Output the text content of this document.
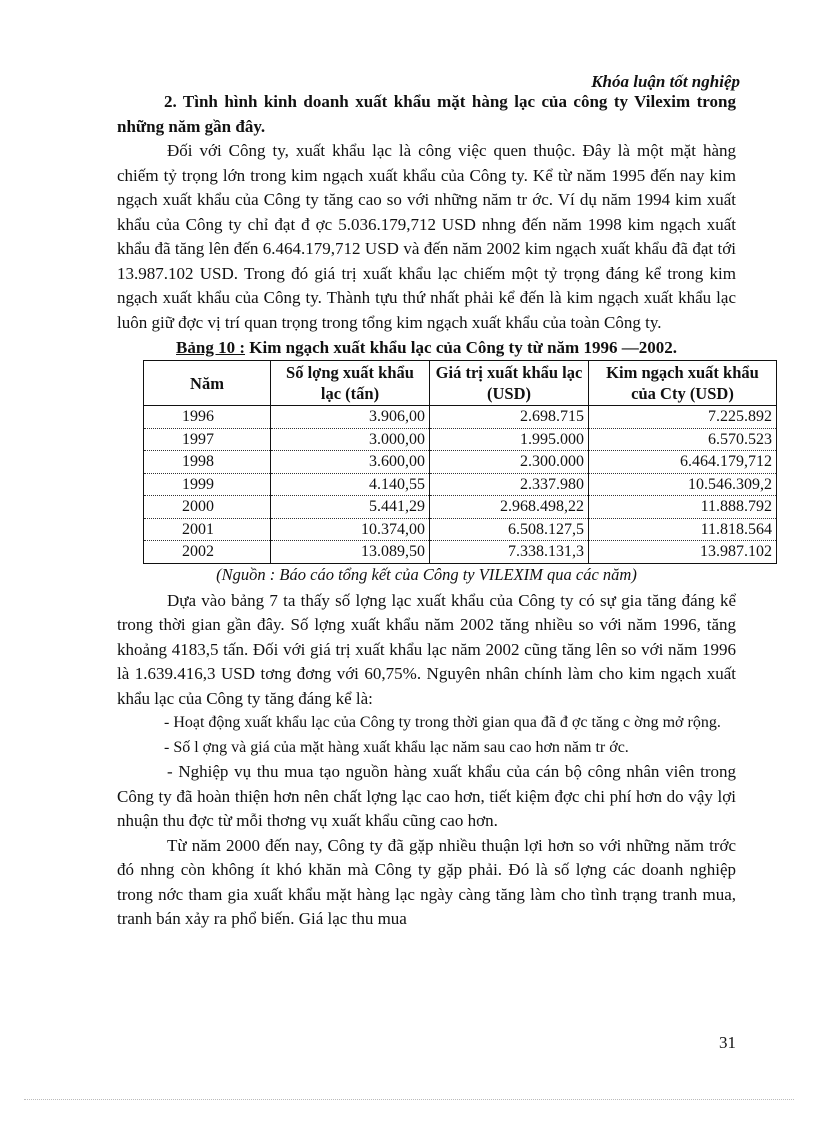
Khóa luận tốt nghiệp

2. Tình hình kinh doanh xuất khẩu mặt hàng lạc của công ty Vilexim trong những năm gần đây.

Đối với Công ty, xuất khẩu lạc là công việc quen thuộc. Đây là một mặt hàng chiếm tỷ trọng lớn trong kim ngạch xuất khẩu của Công ty. Kể từ năm 1995 đến nay kim ngạch xuất khẩu của Công ty tăng cao so với những năm tr ớc. Ví dụ năm 1994 kim xuất khẩu của Công ty chỉ đạt đ ợc 5.036.179,712 USD nhng đến năm 1998 kim ngạch xuất khẩu đã tăng lên đến 6.464.179,712 USD và đến năm 2002 kim ngạch xuất khẩu đã đạt tới 13.987.102 USD. Trong đó giá trị xuất khẩu lạc chiếm một tỷ trọng đáng kể trong kim ngạch xuất khẩu của Công ty. Thành tựu thứ nhất phải kể đến là kim ngạch xuất khẩu lạc luôn giữ đợc vị trí quan trọng trong tổng kim ngạch xuất khẩu của toàn Công ty.

Bảng 10 : Kim ngạch xuất khẩu lạc của Công ty từ năm 1996 —2002.
Năm	Số lợng xuất khẩu lạc (tấn)	Giá trị xuất khẩu lạc (USD)	Kim ngạch xuất khẩu của Cty (USD)
1996	3.906,00	2.698.715	7.225.892
1997	3.000,00	1.995.000	6.570.523
1998	3.600,00	2.300.000	6.464.179,712
1999	4.140,55	2.337.980	10.546.309,2
2000	5.441,29	2.968.498,22	11.888.792
2001	10.374,00	6.508.127,5	11.818.564
2002	13.089,50	7.338.131,3	13.987.102

(Nguồn : Báo cáo tổng kết của Công ty VILEXIM qua các năm)

Dựa vào bảng 7 ta thấy số lợng lạc xuất khẩu của Công ty có sự gia tăng đáng kể trong thời gian gần đây. Số lợng xuất khẩu năm 2002 tăng nhiều so với năm 1996, tăng khoảng 4183,5 tấn. Đối với giá trị xuất khẩu lạc năm 2002 cũng tăng lên so với năm 1996 là 1.639.416,3 USD tơng đơng với 60,75%. Nguyên nhân chính làm cho kim ngạch xuất khẩu lạc của Công ty tăng đáng kể là:

- Hoạt động xuất khẩu lạc của Công ty trong thời gian qua đã đ ợc tăng c ờng mở rộng.

- Số l ợng và giá của mặt hàng xuất khẩu lạc năm sau cao hơn năm tr ớc.

- Nghiệp vụ thu mua tạo nguồn hàng xuất khẩu của cán bộ công nhân viên trong Công ty đã hoàn thiện hơn nên chất lợng lạc cao hơn, tiết kiệm đợc chi phí hơn do vậy lợi nhuận thu đợc từ mỗi thơng vụ xuất khẩu cũng cao hơn.

Từ năm 2000 đến nay, Công ty đã gặp nhiều thuận lợi hơn so với những năm trớc đó nhng còn không ít khó khăn mà Công ty gặp phải. Đó là số lợng các doanh nghiệp trong nớc tham gia xuất khẩu mặt hàng lạc ngày càng tăng làm cho tình trạng tranh mua, tranh bán xảy ra phổ biến. Giá lạc thu mua

31
